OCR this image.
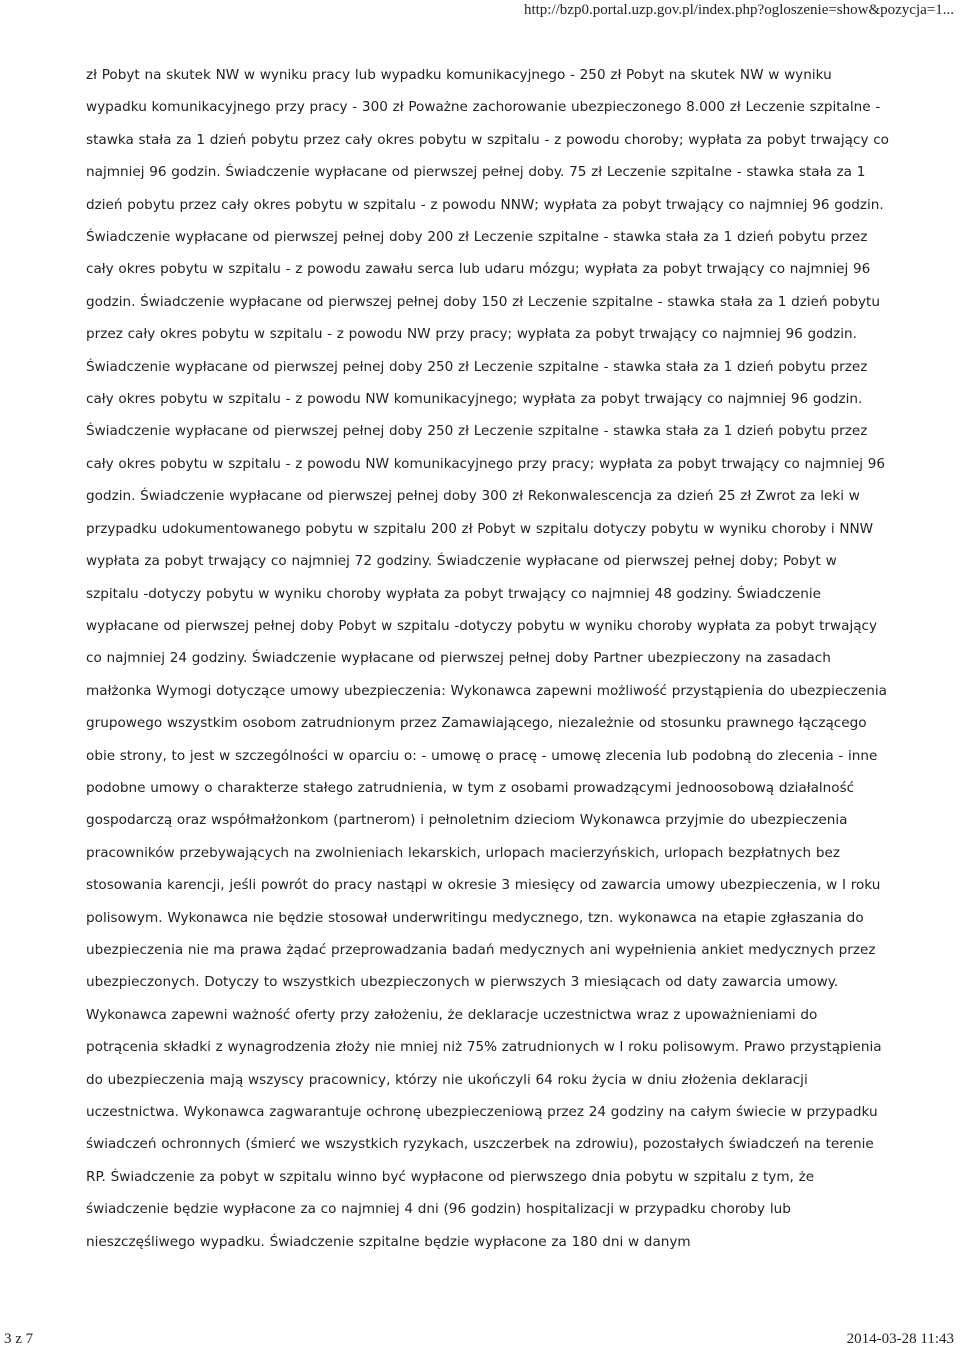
http://bzp0.portal.uzp.gov.pl/index.php?ogloszenie=show&pozycja=1...

zł Pobyt na skutek NW w wyniku pracy lub wypadku komunikacyjnego - 250 zł Pobyt na skutek NW w wyniku wypadku komunikacyjnego przy pracy - 300 zł Poważne zachorowanie ubezpieczonego 8.000 zł Leczenie szpitalne - stawka stała za 1 dzień pobytu przez cały okres pobytu w szpitalu - z powodu choroby; wypłata za pobyt trwający co najmniej 96 godzin. Świadczenie wypłacane od pierwszej pełnej doby. 75 zł Leczenie szpitalne - stawka stała za 1 dzień pobytu przez cały okres pobytu w szpitalu - z powodu NNW; wypłata za pobyt trwający co najmniej 96 godzin. Świadczenie wypłacane od pierwszej pełnej doby 200 zł Leczenie szpitalne - stawka stała za 1 dzień pobytu przez cały okres pobytu w szpitalu - z powodu zawału serca lub udaru mózgu; wypłata za pobyt trwający co najmniej 96 godzin. Świadczenie wypłacane od pierwszej pełnej doby 150 zł Leczenie szpitalne - stawka stała za 1 dzień pobytu przez cały okres pobytu w szpitalu - z powodu NW przy pracy; wypłata za pobyt trwający co najmniej 96 godzin. Świadczenie wypłacane od pierwszej pełnej doby 250 zł Leczenie szpitalne - stawka stała za 1 dzień pobytu przez cały okres pobytu w szpitalu - z powodu NW komunikacyjnego; wypłata za pobyt trwający co najmniej 96 godzin. Świadczenie wypłacane od pierwszej pełnej doby 250 zł Leczenie szpitalne - stawka stała za 1 dzień pobytu przez cały okres pobytu w szpitalu - z powodu NW komunikacyjnego przy pracy; wypłata za pobyt trwający co najmniej 96 godzin. Świadczenie wypłacane od pierwszej pełnej doby 300 zł Rekonwalescencja za dzień 25 zł Zwrot za leki w przypadku udokumentowanego pobytu w szpitalu 200 zł Pobyt w szpitalu dotyczy pobytu w wyniku choroby i NNW wypłata za pobyt trwający co najmniej 72 godziny. Świadczenie wypłacane od pierwszej pełnej doby; Pobyt w szpitalu -dotyczy pobytu w wyniku choroby wypłata za pobyt trwający co najmniej 48 godziny. Świadczenie wypłacane od pierwszej pełnej doby Pobyt w szpitalu -dotyczy pobytu w wyniku choroby wypłata za pobyt trwający co najmniej 24 godziny. Świadczenie wypłacane od pierwszej pełnej doby Partner ubezpieczony na zasadach małżonka Wymogi dotyczące umowy ubezpieczenia: Wykonawca zapewni możliwość przystąpienia do ubezpieczenia grupowego wszystkim osobom zatrudnionym przez Zamawiającego, niezależnie od stosunku prawnego łączącego obie strony, to jest w szczególności w oparciu o: - umowę o pracę - umowę zlecenia lub podobną do zlecenia - inne podobne umowy o charakterze stałego zatrudnienia, w tym z osobami prowadzącymi jednoosobową działalność gospodarczą oraz współmałżonkom (partnerom) i pełnoletnim dzieciom Wykonawca przyjmie do ubezpieczenia pracowników przebywających na zwolnieniach lekarskich, urlopach macierzyńskich, urlopach bezpłatnych bez stosowania karencji, jeśli powrót do pracy nastąpi w okresie 3 miesięcy od zawarcia umowy ubezpieczenia, w I roku polisowym. Wykonawca nie będzie stosował underwritingu medycznego, tzn. wykonawca na etapie zgłaszania do ubezpieczenia nie ma prawa żądać przeprowadzania badań medycznych ani wypełnienia ankiet medycznych przez ubezpieczonych. Dotyczy to wszystkich ubezpieczonych w pierwszych 3 miesiącach od daty zawarcia umowy. Wykonawca zapewni ważność oferty przy założeniu, że deklaracje uczestnictwa wraz z upoważnieniami do potrącenia składki z wynagrodzenia złoży nie mniej niż 75% zatrudnionych w I roku polisowym. Prawo przystąpienia do ubezpieczenia mają wszyscy pracownicy, którzy nie ukończyli 64 roku życia w dniu złożenia deklaracji uczestnictwa. Wykonawca zagwarantuje ochronę ubezpieczeniową przez 24 godziny na całym świecie w przypadku świadczeń ochronnych (śmierć we wszystkich ryzykach, uszczerbek na zdrowiu), pozostałych świadczeń na terenie RP. Świadczenie za pobyt w szpitalu winno być wypłacone od pierwszego dnia pobytu w szpitalu z tym, że świadczenie będzie wypłacone za co najmniej 4 dni (96 godzin) hospitalizacji w przypadku choroby lub nieszczęśliwego wypadku. Świadczenie szpitalne będzie wypłacone za 180 dni w danym

3 z 7	2014-03-28 11:43
